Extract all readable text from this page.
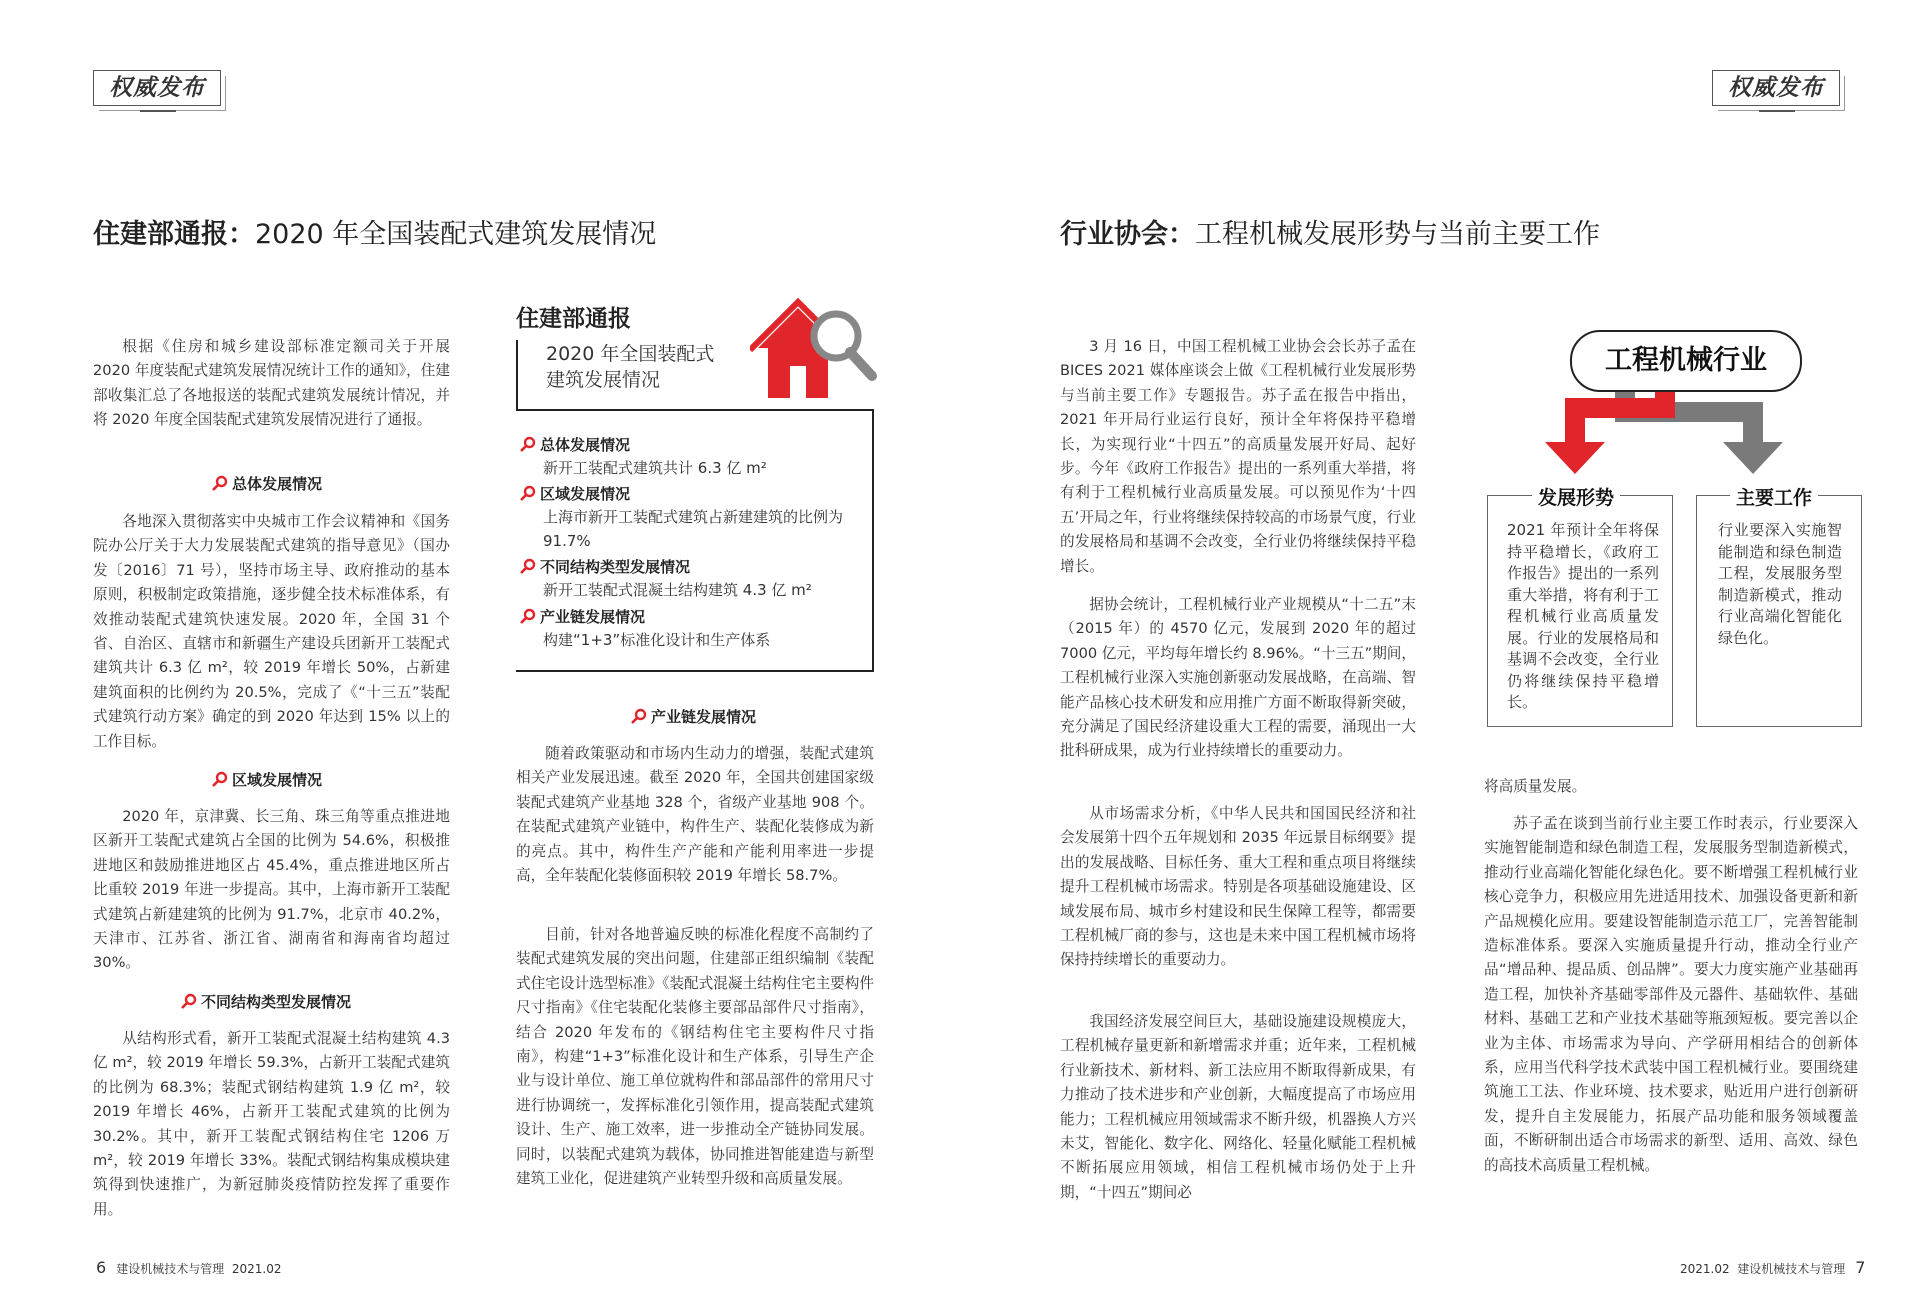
权威发布	权威发布
住建部通报：2020 年全国装配式建筑发展情况	行业协会：工程机械发展形势与当前主要工作

根据《住房和城乡建设部标准定额司关于开展 2020 年度装配式建筑发展情况统计工作的通知》，住建部收集汇总了各地报送的装配式建筑发展统计情况，并将 2020 年度全国装配式建筑发展情况进行了通报。

总体发展情况

各地深入贯彻落实中央城市工作会议精神和《国务院办公厅关于大力发展装配式建筑的指导意见》（国办发〔2016〕71 号），坚持市场主导、政府推动的基本原则，积极制定政策措施，逐步健全技术标准体系，有效推动装配式建筑快速发展。2020 年，全国 31 个省、自治区、直辖市和新疆生产建设兵团新开工装配式建筑共计 6.3 亿 m²，较 2019 年增长 50%，占新建建筑面积的比例约为 20.5%，完成了《“十三五”装配式建筑行动方案》确定的到 2020 年达到 15% 以上的工作目标。

区域发展情况

2020 年，京津冀、长三角、珠三角等重点推进地区新开工装配式建筑占全国的比例为 54.6%，积极推进地区和鼓励推进地区占 45.4%，重点推进地区所占比重较 2019 年进一步提高。其中，上海市新开工装配式建筑占新建建筑的比例为 91.7%，北京市 40.2%，天津市、江苏省、浙江省、湖南省和海南省均超过 30%。

不同结构类型发展情况

从结构形式看，新开工装配式混凝土结构建筑 4.3 亿 m²，较 2019 年增长 59.3%，占新开工装配式建筑的比例为 68.3%；装配式钢结构建筑 1.9 亿 m²，较 2019 年增长 46%，占新开工装配式建筑的比例为 30.2%。其中，新开工装配式钢结构住宅 1206 万 m²，较 2019 年增长 33%。装配式钢结构集成模块建筑得到快速推广，为新冠肺炎疫情防控发挥了重要作用。

住建部通报
2020 年全国装配式
建筑发展情况
总体发展情况
新开工装配式建筑共计 6.3 亿 m²
区域发展情况
上海市新开工装配式建筑占新建建筑的比例为 91.7%
不同结构类型发展情况
新开工装配式混凝土结构建筑 4.3 亿 m²
产业链发展情况
构建“1+3”标准化设计和生产体系
产业链发展情况

随着政策驱动和市场内生动力的增强，装配式建筑相关产业发展迅速。截至 2020 年，全国共创建国家级装配式建筑产业基地 328 个，省级产业基地 908 个。在装配式建筑产业链中，构件生产、装配化装修成为新的亮点。其中，构件生产产能和产能利用率进一步提高，全年装配化装修面积较 2019 年增长 58.7%。

目前，针对各地普遍反映的标准化程度不高制约了装配式建筑发展的突出问题，住建部正组织编制《装配式住宅设计选型标准》《装配式混凝土结构住宅主要构件尺寸指南》《住宅装配化装修主要部品部件尺寸指南》，结合 2020 年发布的《钢结构住宅主要构件尺寸指南》，构建“1+3”标准化设计和生产体系，引导生产企业与设计单位、施工单位就构件和部品部件的常用尺寸进行协调统一，发挥标准化引领作用，提高装配式建筑设计、生产、施工效率，进一步推动全产链协同发展。同时，以装配式建筑为载体，协同推进智能建造与新型建筑工业化，促进建筑产业转型升级和高质量发展。

3 月 16 日，中国工程机械工业协会会长苏子孟在 BICES 2021 媒体座谈会上做《工程机械行业发展形势与当前主要工作》专题报告。苏子孟在报告中指出，2021 年开局行业运行良好，预计全年将保持平稳增长，为实现行业“十四五”的高质量发展开好局、起好步。今年《政府工作报告》提出的一系列重大举措，将有利于工程机械行业高质量发展。可以预见作为‘十四五’开局之年，行业将继续保持较高的市场景气度，行业的发展格局和基调不会改变，全行业仍将继续保持平稳增长。

据协会统计，工程机械行业产业规模从“十二五”末（2015 年）的 4570 亿元，发展到 2020 年的超过 7000 亿元，平均每年增长约 8.96%。“十三五”期间，工程机械行业深入实施创新驱动发展战略，在高端、智能产品核心技术研发和应用推广方面不断取得新突破，充分满足了国民经济建设重大工程的需要，涌现出一大批科研成果，成为行业持续增长的重要动力。

从市场需求分析，《中华人民共和国国民经济和社会发展第十四个五年规划和 2035 年远景目标纲要》提出的发展战略、目标任务、重大工程和重点项目将继续提升工程机械市场需求。特别是各项基础设施建设、区域发展布局、城市乡村建设和民生保障工程等，都需要工程机械厂商的参与，这也是未来中国工程机械市场将保持持续增长的重要动力。

我国经济发展空间巨大，基础设施建设规模庞大，工程机械存量更新和新增需求并重；近年来，工程机械行业新技术、新材料、新工法应用不断取得新成果，有力推动了技术进步和产业创新，大幅度提高了市场应用能力；工程机械应用领域需求不断升级，机器换人方兴未艾，智能化、数字化、网络化、轻量化赋能工程机械不断拓展应用领域，相信工程机械市场仍处于上升期，“十四五”期间必

工程机械行业
发展形势
2021 年预计全年将保持平稳增长，《政府工作报告》提出的一系列重大举措，将有利于工程机械行业高质量发展。行业的发展格局和基调不会改变，全行业仍将继续保持平稳增长。
主要工作
行业要深入实施智能制造和绿色制造工程，发展服务型制造新模式，推动行业高端化智能化绿色化。

将高质量发展。

苏子孟在谈到当前行业主要工作时表示，行业要深入实施智能制造和绿色制造工程，发展服务型制造新模式，推动行业高端化智能化绿色化。要不断增强工程机械行业核心竞争力，积极应用先进适用技术、加强设备更新和新产品规模化应用。要建设智能制造示范工厂，完善智能制造标准体系。要深入实施质量提升行动，推动全行业产品“增品种、提品质、创品牌”。要大力度实施产业基础再造工程，加快补齐基础零部件及元器件、基础软件、基础材料、基础工艺和产业技术基础等瓶颈短板。要完善以企业为主体、市场需求为导向、产学研用相结合的创新体系，应用当代科学技术武装中国工程机械行业。要围绕建筑施工工法、作业环境、技术要求，贴近用户进行创新研发，提升自主发展能力，拓展产品功能和服务领域覆盖面，不断研制出适合市场需求的新型、适用、高效、绿色的高技术高质量工程机械。

6 建设机械技术与管理 2021.02	2021.02 建设机械技术与管理 7
